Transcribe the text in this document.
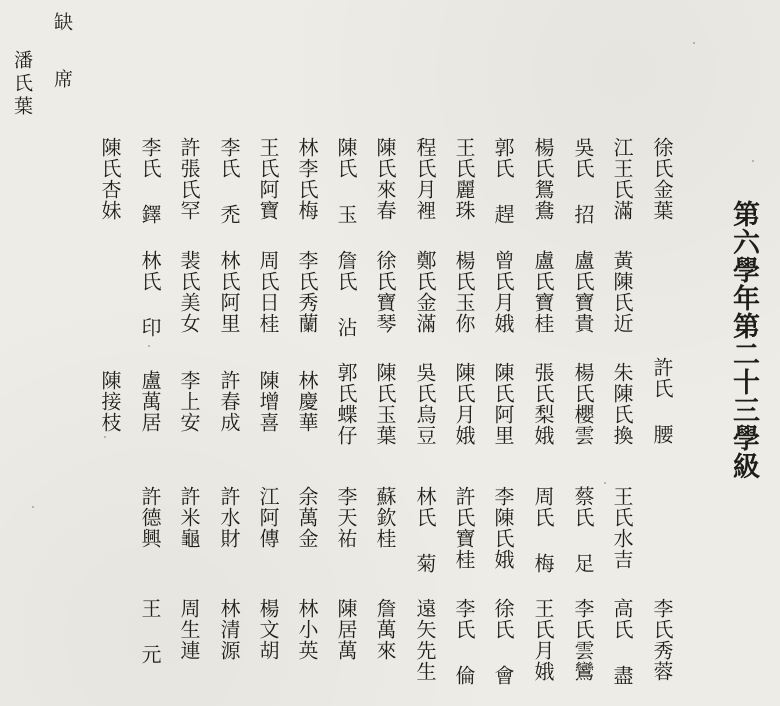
第六學年第二十三學級
缺 席
潘氏葉
徐氏金葉
江王氏滿
吳氏 招
楊氏鴛鴦
郭氏 趕
王氏麗珠
程氏月裡
陳氏來春
陳氏 玉
林李氏梅
王氏阿寶
李氏 禿
許張氏罕
李氏 鐸
陳氏杏妹
黃陳氏近
盧氏寶貴
盧氏寶桂
曾氏月娥
楊氏玉你
鄭氏金滿
徐氏寶琴
詹氏 沾
李氏秀蘭
周氏日桂
林氏阿里
裴氏美女
林氏 印
許氏 腰
朱陳氏換
楊氏櫻雲
張氏梨娥
陳氏阿里
陳氏月娥
吳氏烏豆
陳氏玉葉
郭氏蝶仔
林慶華
陳增喜
許春成
李上安
盧萬居
陳接枝
王氏水吉
蔡氏 足
周氏 梅
李陳氏娥
許氏寶桂
林氏 菊
蘇欽桂
李天祐
余萬金
江阿傳
許水財
許米龜
許德興
李氏秀蓉
高氏 盡
李氏雲鸞
王氏月娥
徐氏 會
李氏 倫
遠矢先生
詹萬來
陳居萬
林小英
楊文胡
林清源
周生連
王 元
